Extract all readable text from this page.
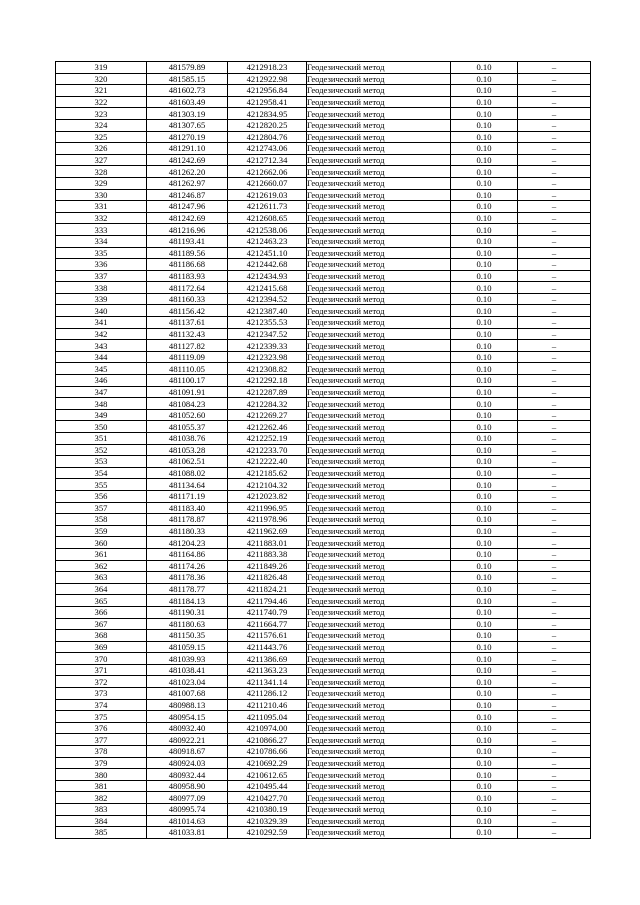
319	481579.89	4212918.23	Геодезический метод	0.10	–
320	481585.15	4212922.98	Геодезический метод	0.10	–
321	481602.73	4212956.84	Геодезический метод	0.10	–
322	481603.49	4212958.41	Геодезический метод	0.10	–
323	481303.19	4212834.95	Геодезический метод	0.10	–
324	481307.65	4212820.25	Геодезический метод	0.10	–
325	481270.19	4212804.76	Геодезический метод	0.10	–
326	481291.10	4212743.06	Геодезический метод	0.10	–
327	481242.69	4212712.34	Геодезический метод	0.10	–
328	481262.20	4212662.06	Геодезический метод	0.10	–
329	481262.97	4212660.07	Геодезический метод	0.10	–
330	481246.87	4212619.03	Геодезический метод	0.10	–
331	481247.96	4212611.73	Геодезический метод	0.10	–
332	481242.69	4212608.65	Геодезический метод	0.10	–
333	481216.96	4212538.06	Геодезический метод	0.10	–
334	481193.41	4212463.23	Геодезический метод	0.10	–
335	481189.56	4212451.10	Геодезический метод	0.10	–
336	481186.68	4212442.68	Геодезический метод	0.10	–
337	481183.93	4212434.93	Геодезический метод	0.10	–
338	481172.64	4212415.68	Геодезический метод	0.10	–
339	481160.33	4212394.52	Геодезический метод	0.10	–
340	481156.42	4212387.40	Геодезический метод	0.10	–
341	481137.61	4212355.53	Геодезический метод	0.10	–
342	481132.43	4212347.52	Геодезический метод	0.10	–
343	481127.82	4212339.33	Геодезический метод	0.10	–
344	481119.09	4212323.98	Геодезический метод	0.10	–
345	481110.05	4212308.82	Геодезический метод	0.10	–
346	481100.17	4212292.18	Геодезический метод	0.10	–
347	481091.91	4212287.89	Геодезический метод	0.10	–
348	481084.23	4212284.32	Геодезический метод	0.10	–
349	481052.60	4212269.27	Геодезический метод	0.10	–
350	481055.37	4212262.46	Геодезический метод	0.10	–
351	481038.76	4212252.19	Геодезический метод	0.10	–
352	481053.28	4212233.70	Геодезический метод	0.10	–
353	481062.51	4212222.40	Геодезический метод	0.10	–
354	481088.02	4212185.62	Геодезический метод	0.10	–
355	481134.64	4212104.32	Геодезический метод	0.10	–
356	481171.19	4212023.82	Геодезический метод	0.10	–
357	481183.40	4211996.95	Геодезический метод	0.10	–
358	481178.87	4211978.96	Геодезический метод	0.10	–
359	481180.33	4211962.69	Геодезический метод	0.10	–
360	481204.23	4211883.01	Геодезический метод	0.10	–
361	481164.86	4211883.38	Геодезический метод	0.10	–
362	481174.26	4211849.26	Геодезический метод	0.10	–
363	481178.36	4211826.48	Геодезический метод	0.10	–
364	481178.77	4211824.21	Геодезический метод	0.10	–
365	481184.13	4211794.46	Геодезический метод	0.10	–
366	481190.31	4211740.79	Геодезический метод	0.10	–
367	481180.63	4211664.77	Геодезический метод	0.10	–
368	481150.35	4211576.61	Геодезический метод	0.10	–
369	481059.15	4211443.76	Геодезический метод	0.10	–
370	481039.93	4211386.69	Геодезический метод	0.10	–
371	481038.41	4211363.23	Геодезический метод	0.10	–
372	481023.04	4211341.14	Геодезический метод	0.10	–
373	481007.68	4211286.12	Геодезический метод	0.10	–
374	480988.13	4211210.46	Геодезический метод	0.10	–
375	480954.15	4211095.04	Геодезический метод	0.10	–
376	480932.40	4210974.00	Геодезический метод	0.10	–
377	480922.21	4210866.27	Геодезический метод	0.10	–
378	480918.67	4210786.66	Геодезический метод	0.10	–
379	480924.03	4210692.29	Геодезический метод	0.10	–
380	480932.44	4210612.65	Геодезический метод	0.10	–
381	480958.90	4210495.44	Геодезический метод	0.10	–
382	480977.09	4210427.70	Геодезический метод	0.10	–
383	480995.74	4210380.19	Геодезический метод	0.10	–
384	481014.63	4210329.39	Геодезический метод	0.10	–
385	481033.81	4210292.59	Геодезический метод	0.10	–
